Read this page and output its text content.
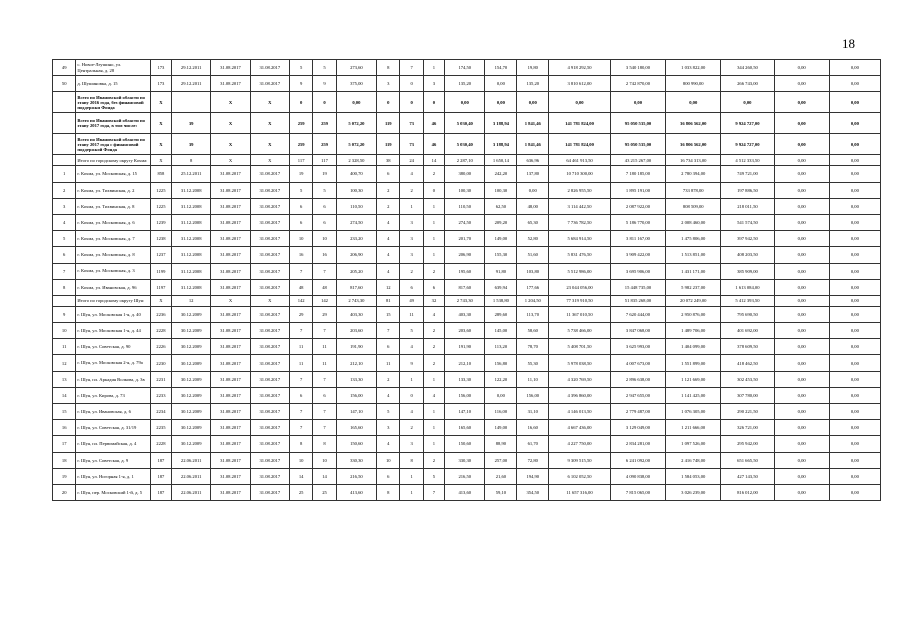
18
49	с. Новое-Леушино, ул. Центральная, д. 28	173	29.12.2011	31.08.2017	31.08.2017	5	5	273,60	8	7	1	174,50	154,70	19,80	4 918 292,50	3 540 180,00	1 033 822,00	344 260,50	0,00	0,00
50	д. Шушиновка, д. 15	173	29.12.2011	31.08.2017	31.08.2017	9	9	375,00	3	0	3	135,20	0,00	135,20	3 810 612,00	2 742 870,00	800 990,00	266 743,00	0,00	0,00
	Всего по Ивановской области по этапу 2016 года, без финансовой поддержки Фонда	X		X	X	0	0	0,00	0	0	0	0,00	0,00	0,00	0,00	0,00	0,00	0,00	0,00	0,00
	Всего по Ивановской области по этапу 2017 года, в том числе:	X	39	X	X	259	259	5 072,20	119	73	46	5 030,40	3 188,94	1 841,46	141 781 824,00	95 050 535,00	36 806 562,00	9 924 727,00	0,00	0,00
	Всего по Ивановской области по этапу 2017 года с финансовой поддержкой Фонда	X	39	X	X	259	259	5 072,20	119	73	46	5 030,40	3 188,94	1 841,46	141 781 824,00	95 050 535,00	36 806 562,00	9 924 727,00	0,00	0,00
	Итого по городскому округу Кохма:	X	8	X	X	117	117	2 328,50	38	24	14	2 287,10	1 650,14	636,96	64 461 913,50	43 215 267,00	16 734 313,00	4 512 333,50	0,00	0,00
1	г. Кохма, ул. Московская, д. 15	858	25.12.2011	31.08.2017	31.08.2017	19	19	400,70	6	4	2	380,00	242,20	137,80	10 710 300,00	7 180 185,00	2 780 394,00	749 721,00	0,00	0,00
2	г. Кохма, ул. Тихвинская, д. 2	1225	31.12.2008	31.08.2017	31.08.2017	5	5	100,30	2	2	0	100,30	100,30	0,00	2 826 955,50	1 895 191,00	733 878,00	197 886,50	0,00	0,00
3	г. Кохма, ул. Тихвинская, д. 8	1225	31.12.2008	31.08.2017	31.08.2017	6	6	110,50	2	1	1	110,50	62,50	48,00	3 114 442,50	2 087 922,00	808 509,00	218 011,50	0,00	0,00
4	г. Кохма, ул. Московская, д. 6	1239	31.12.2008	31.08.2017	31.08.2017	6	6	274,50	4	3	1	274,50	209,20	65,30	7 736 782,50	5 186 770,00	2 008 460,00	541 574,50	0,00	0,00
5	г. Кохма, ул. Московская, д. 7	1238	31.12.2008	31.08.2017	31.08.2017	10	10	233,20	4	3	1	201,70	149,00	52,80	5 684 914,50	3 811 167,00	1 475 806,00	397 942,50	0,00	0,00
6	г. Кохма, ул. Московская, д. 8	1237	31.12.2008	31.08.2017	31.08.2017	16	16	206,90	4	3	1	206,90	155,30	51,60	5 831 476,50	3 909 422,00	1 513 851,00	408 203,50	0,00	0,00
7	г. Кохма, ул. Московская, д. 3	1199	31.12.2008	31.08.2017	31.08.2017	7	7	205,20	4	2	2	195,60	91,80	103,80	5 512 986,00	3 695 906,00	1 431 171,00	385 909,00	0,00	0,00
8	г. Кохма, ул. Ивановская, д. 96	1197	31.12.2008	31.08.2017	31.08.2017	48	48	817,60	12	6	6	817,60	639,94	177,66	23 044 056,00	15 448 735,00	5 982 237,00	1 613 084,00	0,00	0,00
	Итого по городскому округу Шуя:	X	12	X	X	142	142	2 743,30	81	49	32	2 743,30	1 538,80	1 204,50	77 319 910,50	51 835 268,00	20 072 249,00	5 412 393,50	0,00	0,00
9	г. Шуя, ул. Московская 1-я, д. 40	2236	30.12.2009	31.08.2017	31.08.2017	29	29	403,30	15	11	4	403,30	289,60	113,70	11 367 010,50	7 620 444,00	2 950 876,00	795 690,50	0,00	0,00
10	г. Шуя, ул. Московская 1-я, д. 44	2228	30.12.2009	31.08.2017	31.08.2017	7	7	203,60	7	5	2	203,60	145,00	58,60	5 738 466,00	3 847 068,00	1 489 706,00	401 692,00	0,00	0,00
11	г. Шуя, ул. Советская, д. 90	2226	30.12.2009	31.08.2017	31.08.2017	11	11	191,90	6	4	2	191,90	113,20	78,70	5 408 701,50	3 625 993,00	1 404 099,00	378 609,50	0,00	0,00
12	г. Шуя, ул. Московская 2-я, д. 79a	2230	30.12.2009	31.08.2017	31.08.2017	11	11	212,10	11	9	2	212,10	156,80	55,30	5 978 038,50	4 007 673,00	1 551 899,00	418 462,50	0,00	0,00
13	г. Шуя, пл. Аркадия Волкова, д. 3в	2231	30.12.2009	31.08.2017	31.08.2017	7	7	133,30	2	1	1	133,30	122,20	11,10	4 320 769,50	2 896 638,00	1 121 669,00	302 453,50	0,00	0,00
14	г. Шуя, ул. Кирова, д. 73	2233	30.12.2009	31.08.2017	31.08.2017	6	6	156,00	4	0	4	156,00	0,00	156,00	4 396 860,00	2 947 655,00	1 141 425,00	307 780,00	0,00	0,00
15	г. Шуя, ул. Ивановская, д. 6	2234	30.12.2009	31.08.2017	31.08.2017	7	7	147,10	5	4	1	147,10	116,00	31,10	4 146 013,50	2 779 487,00	1 076 305,00	290 221,50	0,00	0,00
16	г. Шуя, ул. Советская, д. 31/19	2235	30.12.2009	31.08.2017	31.08.2017	7	7	165,60	3	2	1	165,60	149,00	16,60	4 667 436,00	3 129 049,00	1 211 666,00	326 721,00	0,00	0,00
17	г. Шуя, пл. Первомайская, д. 4	2228	30.12.2009	31.08.2017	31.08.2017	8	8	150,60	4	3	1	150,60	88,90	61,70	4 227 750,00	2 834 281,00	1 097 526,00	295 942,00	0,00	0,00
18	г. Шуя, ул. Советская, д. 9	187	22.06.2011	31.08.2017	31.08.2017	10	10	330,30	10	8	2	330,30	257,00	72,80	9 309 515,50	6 241 092,00	2 416 748,00	651 665,50	0,00	0,00
19	г. Шуя, ул. Ногорная 1-я, д. 1	187	22.06.2011	31.08.2017	31.08.2017	14	14	216,50	6	1	5	216,50	21,60	194,90	6 102 052,50	4 090 838,00	1 584 053,00	427 143,50	0,00	0,00
20	г. Шуя, пер. Московский 1-й, д. 5	187	22.06.2011	31.08.2017	31.08.2017	25	25	413,60	8	1	7	413,60	59,10	354,50	11 657 316,00	7 815 065,00	3 026 239,00	816 012,00	0,00	0,00
